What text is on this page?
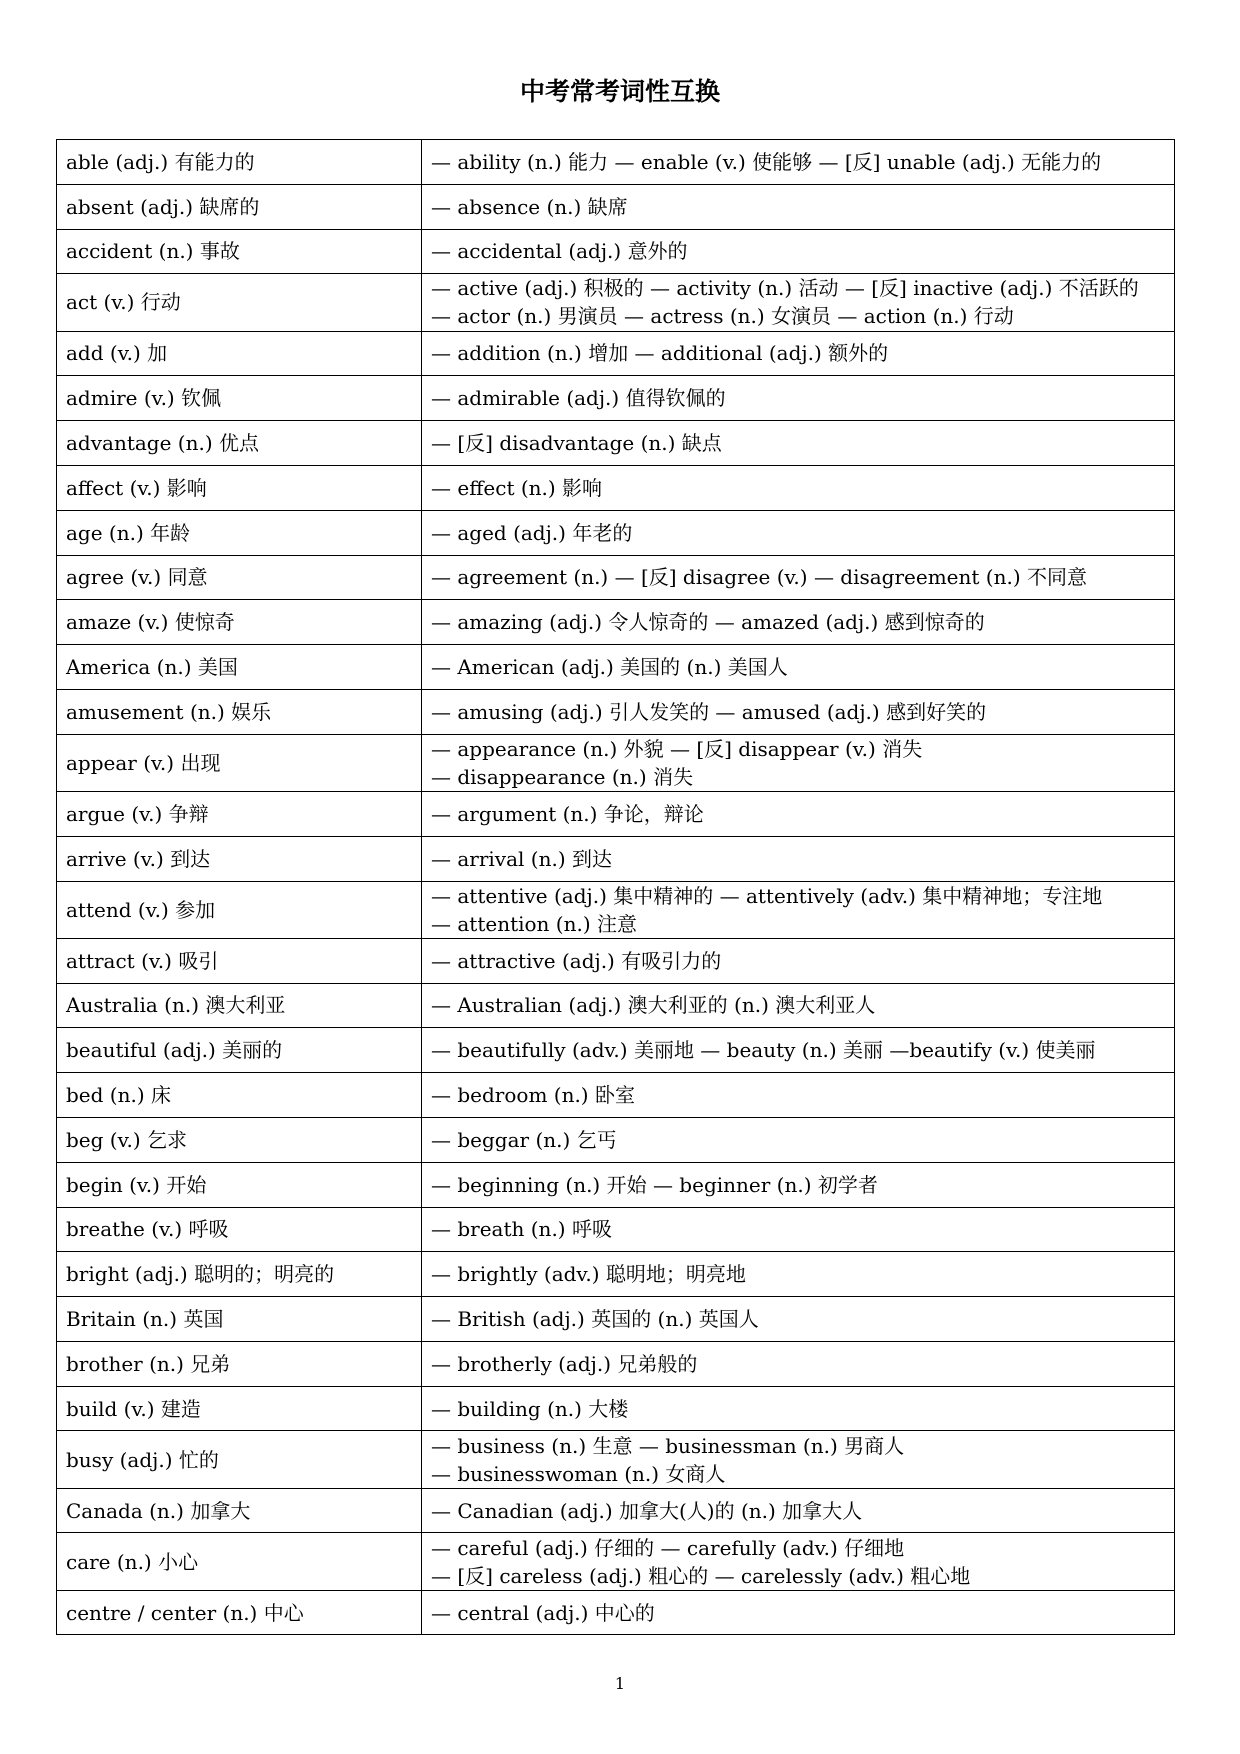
中考常考词性互换
able (adj.) 有能力的	— ability (n.) 能力 — enable (v.) 使能够 — [反] unable (adj.) 无能力的

absent (adj.) 缺席的	— absence (n.) 缺席

accident (n.) 事故	— accidental (adj.) 意外的

act (v.) 行动	— active (adj.) 积极的 — activity (n.) 活动 — [反] inactive (adj.) 不活跃的
— actor (n.) 男演员 — actress (n.) 女演员 — action (n.) 行动

add (v.) 加	— addition (n.) 增加 — additional (adj.) 额外的

admire (v.) 钦佩	— admirable (adj.) 值得钦佩的

advantage (n.) 优点	— [反] disadvantage (n.) 缺点

affect (v.) 影响	— effect (n.) 影响

age (n.) 年龄	— aged (adj.) 年老的

agree (v.) 同意	— agreement (n.) — [反] disagree (v.) — disagreement (n.) 不同意

amaze (v.) 使惊奇	— amazing (adj.) 令人惊奇的 — amazed (adj.) 感到惊奇的

America (n.) 美国	— American (adj.) 美国的 (n.) 美国人

amusement (n.) 娱乐	— amusing (adj.) 引人发笑的 — amused (adj.) 感到好笑的

appear (v.) 出现	— appearance (n.) 外貌 — [反] disappear (v.) 消失
— disappearance (n.) 消失

argue (v.) 争辩	— argument (n.) 争论，辩论

arrive (v.) 到达	— arrival (n.) 到达

attend (v.) 参加	— attentive (adj.) 集中精神的 — attentively (adv.) 集中精神地；专注地
— attention (n.) 注意

attract (v.) 吸引	— attractive (adj.) 有吸引力的

Australia (n.) 澳大利亚	— Australian (adj.) 澳大利亚的 (n.) 澳大利亚人

beautiful (adj.) 美丽的	— beautifully (adv.) 美丽地 — beauty (n.) 美丽 —beautify (v.) 使美丽

bed (n.) 床	— bedroom (n.) 卧室

beg (v.) 乞求	— beggar (n.) 乞丐

begin (v.) 开始	— beginning (n.) 开始 — beginner (n.) 初学者

breathe (v.) 呼吸	— breath (n.) 呼吸

bright (adj.) 聪明的；明亮的	— brightly (adv.) 聪明地；明亮地

Britain (n.) 英国	— British (adj.) 英国的 (n.) 英国人

brother (n.) 兄弟	— brotherly (adj.) 兄弟般的

build (v.) 建造	— building (n.) 大楼

busy (adj.) 忙的	— business (n.) 生意 — businessman (n.) 男商人
— businesswoman (n.) 女商人

Canada (n.) 加拿大	— Canadian (adj.) 加拿大(人)的 (n.) 加拿大人

care (n.) 小心	— careful (adj.) 仔细的 — carefully (adv.) 仔细地
— [反] careless (adj.) 粗心的 — carelessly (adv.) 粗心地

centre / center (n.) 中心	— central (adj.) 中心的
1
